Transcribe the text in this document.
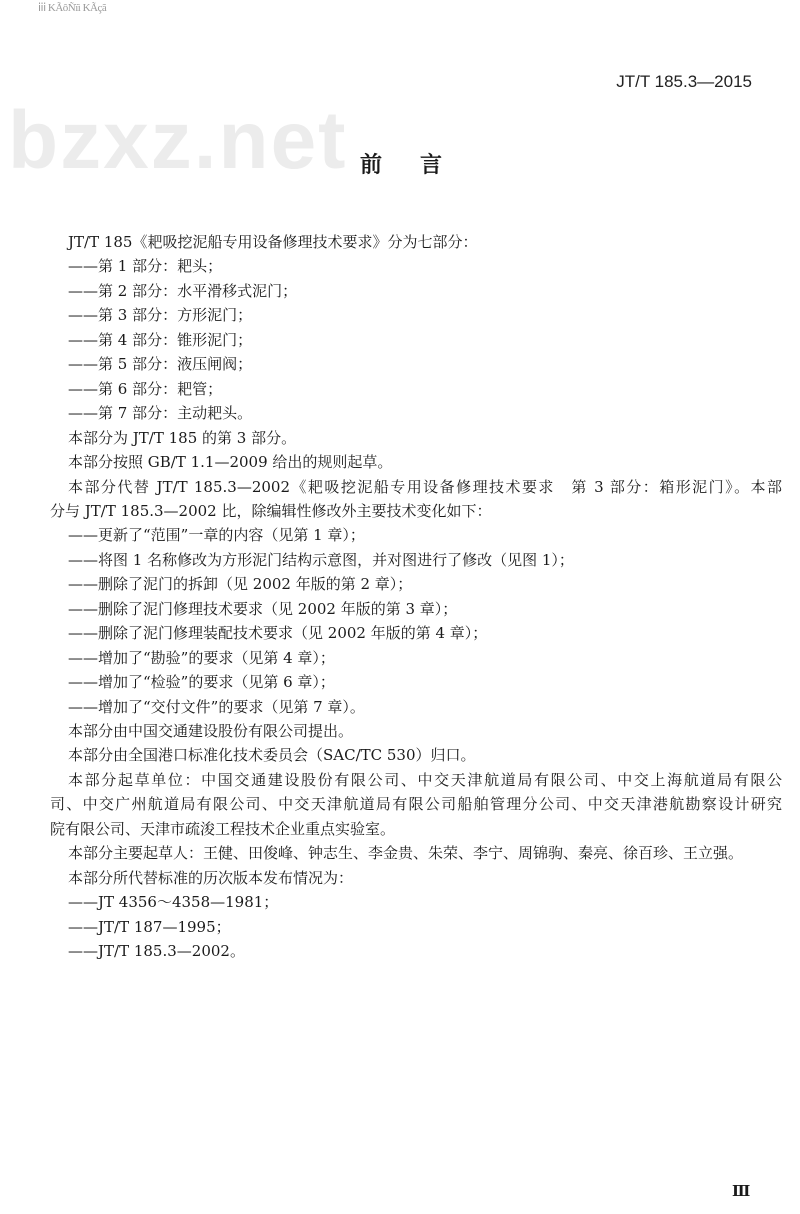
ⅰⅰⅰ KÃôÑïì KÃçã
bzxz.net
JT/T 185.3—2015
前言
JT/T 185《耙吸挖泥船专用设备修理技术要求》分为七部分：
——第 1 部分：耙头；
——第 2 部分：水平滑移式泥门；
——第 3 部分：方形泥门；
——第 4 部分：锥形泥门；
——第 5 部分：液压闸阀；
——第 6 部分：耙管；
——第 7 部分：主动耙头。
本部分为 JT/T 185 的第 3 部分。
本部分按照 GB/T 1.1—2009 给出的规则起草。
本部分代替 JT/T 185.3—2002《耙吸挖泥船专用设备修理技术要求　第 3 部分：箱形泥门》。本部
分与 JT/T 185.3—2002 比，除编辑性修改外主要技术变化如下：
——更新了“范围”一章的内容（见第 1 章）；
——将图 1 名称修改为方形泥门结构示意图，并对图进行了修改（见图 1）；
——删除了泥门的拆卸（见 2002 年版的第 2 章）；
——删除了泥门修理技术要求（见 2002 年版的第 3 章）；
——删除了泥门修理装配技术要求（见 2002 年版的第 4 章）；
——增加了“勘验”的要求（见第 4 章）；
——增加了“检验”的要求（见第 6 章）；
——增加了“交付文件”的要求（见第 7 章）。
本部分由中国交通建设股份有限公司提出。
本部分由全国港口标准化技术委员会（SAC/TC 530）归口。
本部分起草单位：中国交通建设股份有限公司、中交天津航道局有限公司、中交上海航道局有限公
司、中交广州航道局有限公司、中交天津航道局有限公司船舶管理分公司、中交天津港航勘察设计研究
院有限公司、天津市疏浚工程技术企业重点实验室。
本部分主要起草人：王健、田俊峰、钟志生、李金贵、朱荣、李宁、周锦驹、秦亮、徐百珍、王立强。
本部分所代替标准的历次版本发布情况为：
——JT 4356～4358—1981；
——JT/T 187—1995；
——JT/T 185.3—2002。
Ⅲ
